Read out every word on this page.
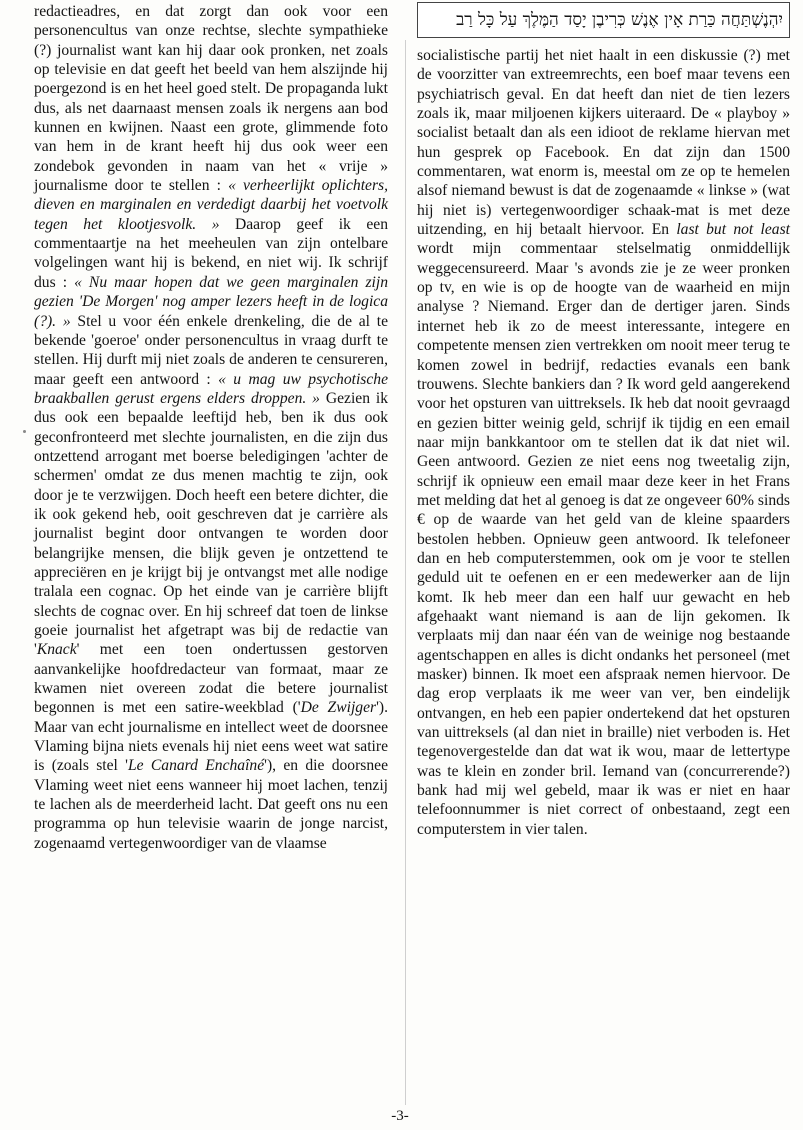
redactieadres, en dat zorgt dan ook voor een personencultus van onze rechtse, slechte sympathieke (?) journalist want kan hij daar ook pronken, net zoals op televisie en dat geeft het beeld van hem alszijnde hij poergezond is en het heel goed stelt. De propaganda lukt dus, als net daarnaast mensen zoals ik nergens aan bod kunnen en kwijnen. Naast een grote, glimmende foto van hem in de krant heeft hij dus ook weer een zondebok gevonden in naam van het « vrije » journalisme door te stellen : « verheerlijkt oplichters, dieven en marginalen en verdedigt daarbij het voetvolk tegen het klootjesvolk. » Daarop geef ik een commentaartje na het meeheulen van zijn ontelbare volgelingen want hij is bekend, en niet wij. Ik schrijf dus : « Nu maar hopen dat we geen marginalen zijn gezien 'De Morgen' nog amper lezers heeft in de logica (?). » Stel u voor één enkele drenkeling, die de al te bekende 'goeroe' onder personencultus in vraag durft te stellen. Hij durft mij niet zoals de anderen te censureren, maar geeft een antwoord : « u mag uw psychotische braakballen gerust ergens elders droppen. » Gezien ik dus ook een bepaalde leeftijd heb, ben ik dus ook geconfronteerd met slechte journalisten, en die zijn dus ontzettend arrogant met boerse beledigingen 'achter de schermen' omdat ze dus menen machtig te zijn, ook door je te verzwijgen. Doch heeft een betere dichter, die ik ook gekend heb, ooit geschreven dat je carrière als journalist begint door ontvangen te worden door belangrijke mensen, die blijk geven je ontzettend te appreciëren en je krijgt bij je ontvangst met alle nodige tralala een cognac. Op het einde van je carrière blijft slechts de cognac over. En hij schreef dat toen de linkse goeie journalist het afgetrapt was bij de redactie van 'Knack' met een toen ondertussen gestorven aanvankelijke hoofdredacteur van formaat, maar ze kwamen niet overeen zodat die betere journalist begonnen is met een satire-weekblad ('De Zwijger'). Maar van echt journalisme en intellect weet de doorsnee Vlaming bijna niets evenals hij niet eens weet wat satire is (zoals stel 'Le Canard Enchaîné'), en die doorsnee Vlaming weet niet eens wanneer hij moet lachen, tenzij te lachen als de meerderheid lacht. Dat geeft ons nu een programma op hun televisie waarin de jonge narcist, zogenaamd vertegenwoordiger van de vlaamse

יִהְנֶשְׁתַּחֲה כַּרַת אָין אֶנֶשׁ כְּרִיבֶן יָסַד הַמֶּלֶךְ עַל כָּל רַב

socialistische partij het niet haalt in een diskussie (?) met de voorzitter van extreemrechts, een boef maar tevens een psychiatrisch geval. En dat heeft dan niet de tien lezers zoals ik, maar miljoenen kijkers uiteraard. De « playboy » socialist betaalt dan als een idioot de reklame hiervan met hun gesprek op Facebook. En dat zijn dan 1500 commentaren, wat enorm is, meestal om ze op te hemelen alsof niemand bewust is dat de zogenaamde « linkse » (wat hij niet is) vertegenwoordiger schaak-mat is met deze uitzending, en hij betaalt hiervoor. En last but not least wordt mijn commentaar stelselmatig onmiddellijk weggecensureerd. Maar 's avonds zie je ze weer pronken op tv, en wie is op de hoogte van de waarheid en mijn analyse ? Niemand. Erger dan de dertiger jaren. Sinds internet heb ik zo de meest interessante, integere en competente mensen zien vertrekken om nooit meer terug te komen zowel in bedrijf, redacties evanals een bank trouwens. Slechte bankiers dan ? Ik word geld aangerekend voor het opsturen van uittreksels. Ik heb dat nooit gevraagd en gezien bitter weinig geld, schrijf ik tijdig en een email naar mijn bankkantoor om te stellen dat ik dat niet wil. Geen antwoord. Gezien ze niet eens nog tweetalig zijn, schrijf ik opnieuw een email maar deze keer in het Frans met melding dat het al genoeg is dat ze ongeveer 60% sinds € op de waarde van het geld van de kleine spaarders bestolen hebben. Opnieuw geen antwoord. Ik telefoneer dan en heb computerstemmen, ook om je voor te stellen geduld uit te oefenen en er een medewerker aan de lijn komt. Ik heb meer dan een half uur gewacht en heb afgehaakt want niemand is aan de lijn gekomen. Ik verplaats mij dan naar één van de weinige nog bestaande agentschappen en alles is dicht ondanks het personeel (met masker) binnen. Ik moet een afspraak nemen hiervoor. De dag erop verplaats ik me weer van ver, ben eindelijk ontvangen, en heb een papier ondertekend dat het opsturen van uittreksels (al dan niet in braille) niet verboden is. Het tegenovergestelde dan dat wat ik wou, maar de lettertype was te klein en zonder bril. Iemand van (concurrerende?) bank had mij wel gebeld, maar ik was er niet en haar telefoonnummer is niet correct of onbestaand, zegt een computerstem in vier talen.

-3-
